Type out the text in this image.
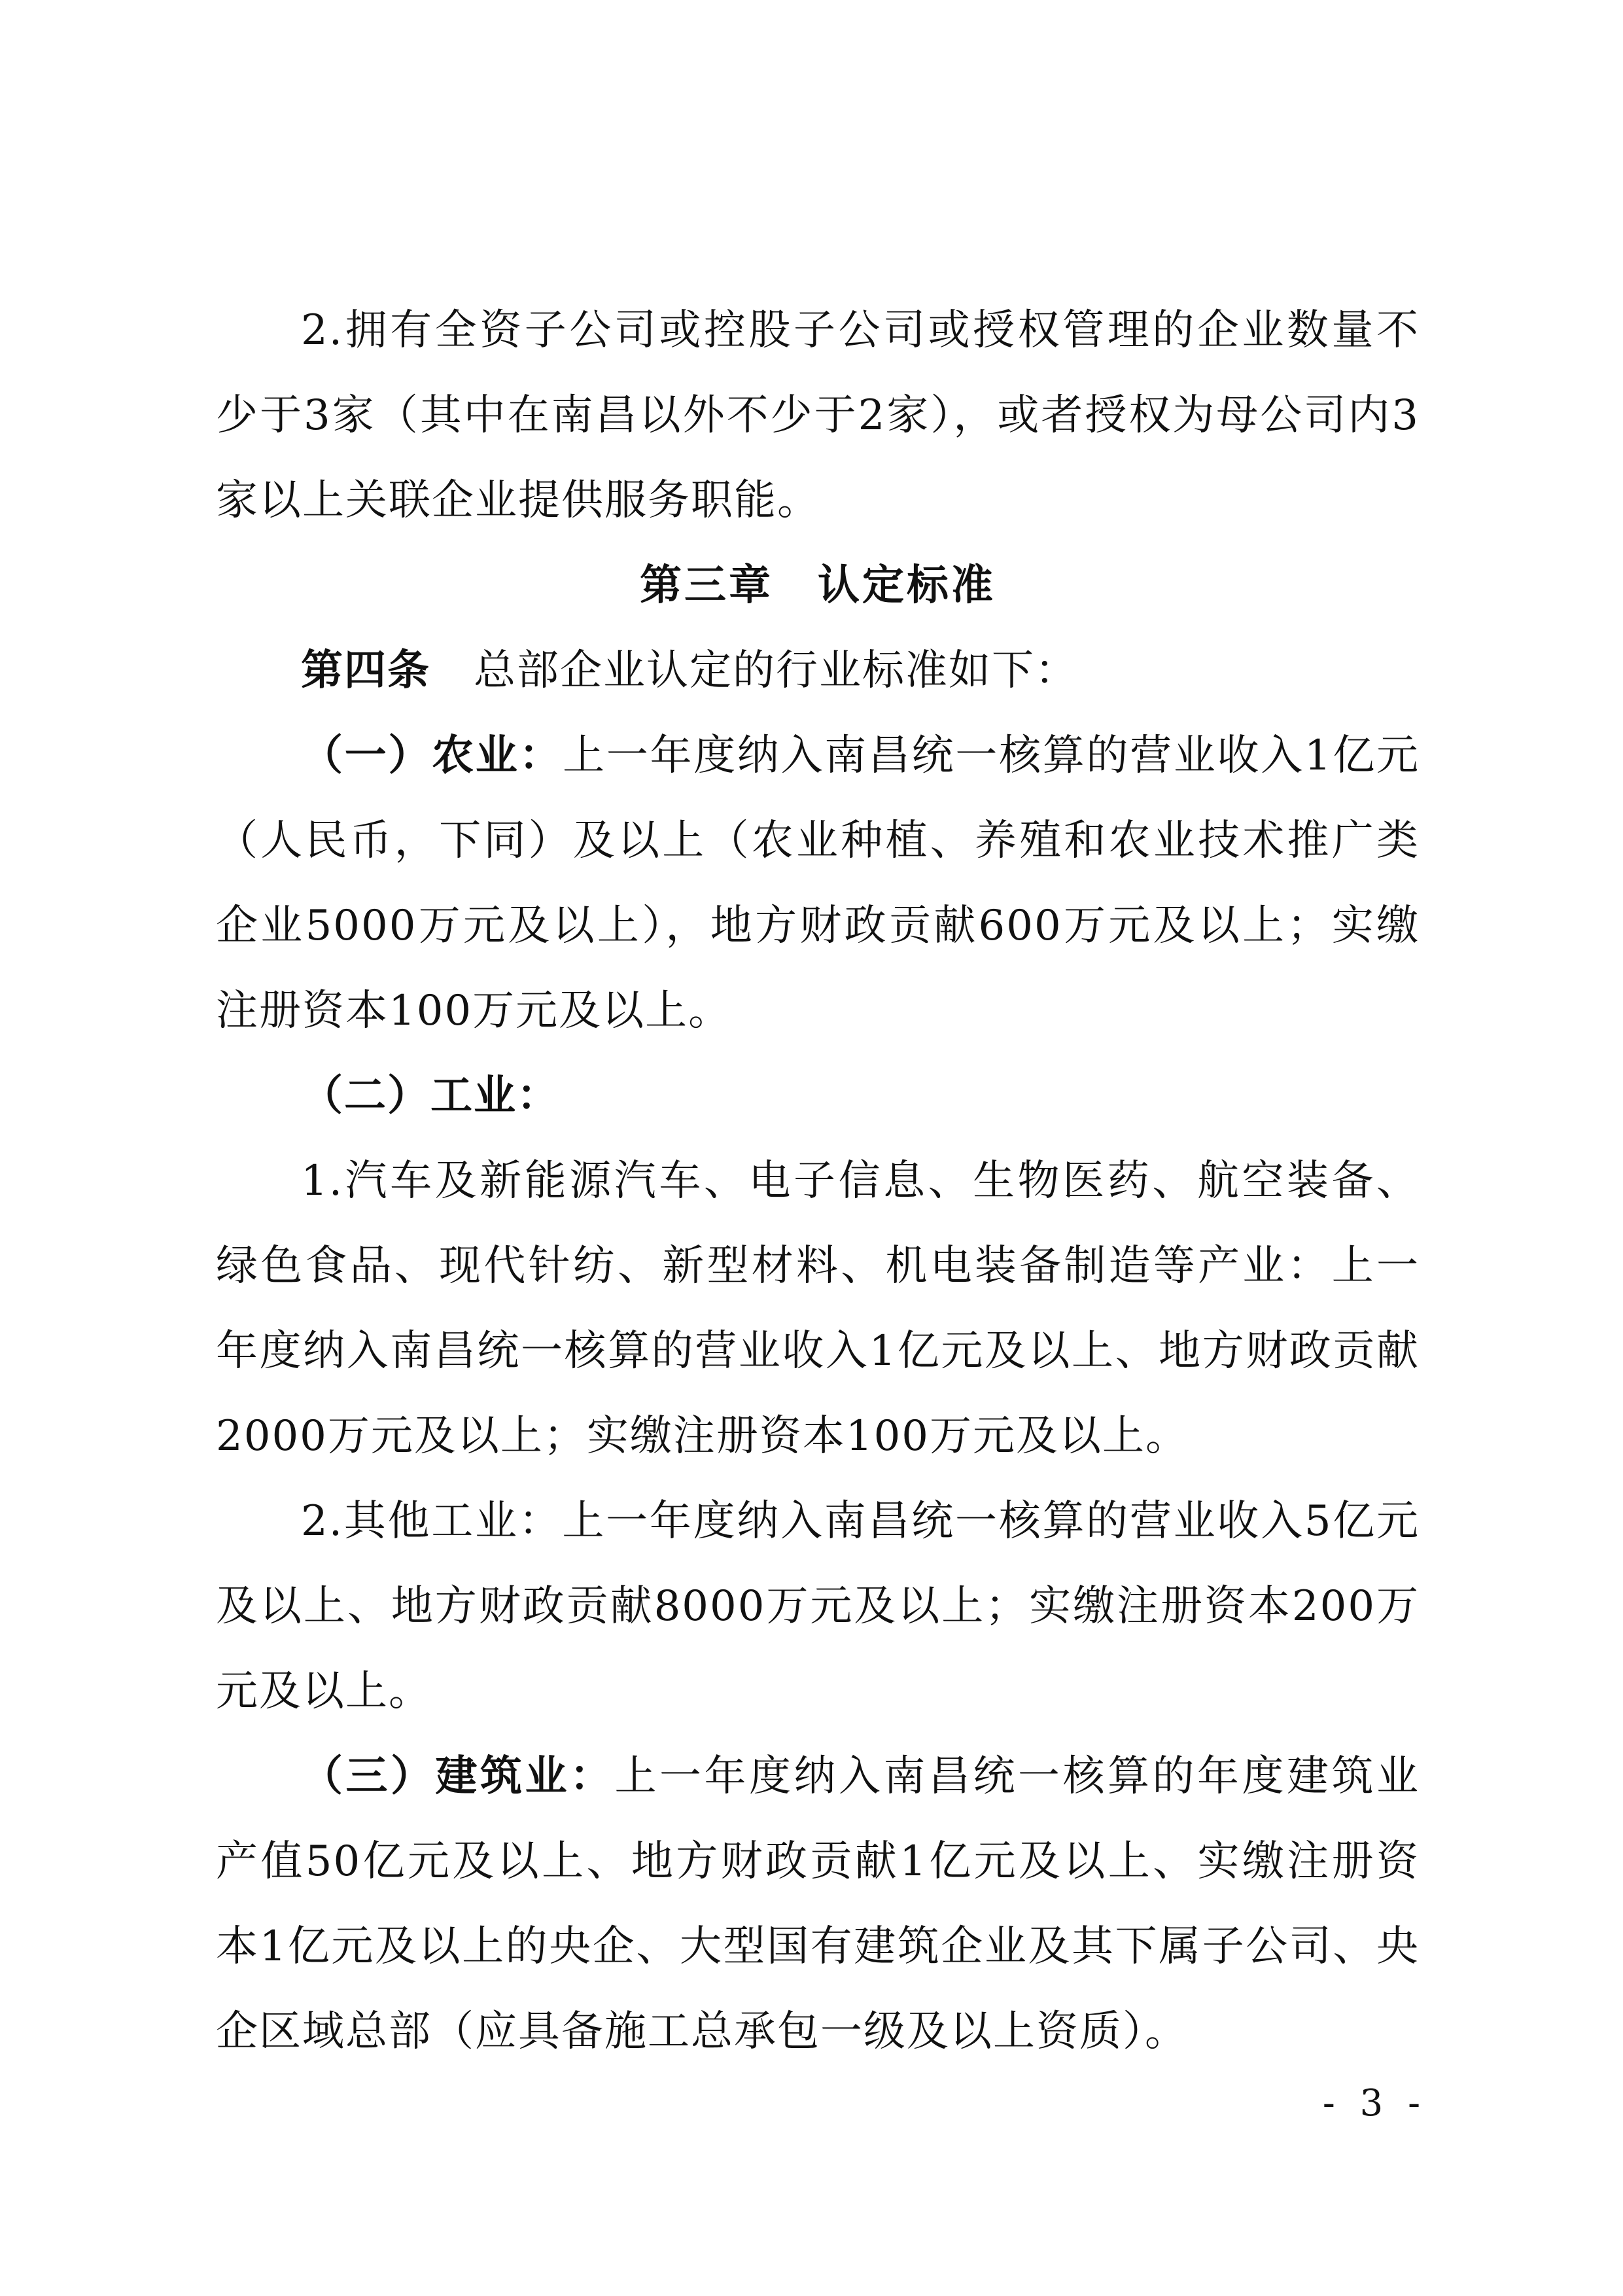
2.拥有全资子公司或控股子公司或授权管理的企业数量不少于3家（其中在南昌以外不少于2家），或者授权为母公司内3家以上关联企业提供服务职能。

第三章　认定标准

第四条　总部企业认定的行业标准如下：

（一）农业：上一年度纳入南昌统一核算的营业收入1亿元（人民币，下同）及以上（农业种植、养殖和农业技术推广类企业5000万元及以上），地方财政贡献600万元及以上；实缴注册资本100万元及以上。

（二）工业：

1.汽车及新能源汽车、电子信息、生物医药、航空装备、绿色食品、现代针纺、新型材料、机电装备制造等产业：上一年度纳入南昌统一核算的营业收入1亿元及以上、地方财政贡献2000万元及以上；实缴注册资本100万元及以上。

2.其他工业：上一年度纳入南昌统一核算的营业收入5亿元及以上、地方财政贡献8000万元及以上；实缴注册资本200万元及以上。

（三）建筑业：上一年度纳入南昌统一核算的年度建筑业产值50亿元及以上、地方财政贡献1亿元及以上、实缴注册资本1亿元及以上的央企、大型国有建筑企业及其下属子公司、央企区域总部（应具备施工总承包一级及以上资质）。

- 3 -
